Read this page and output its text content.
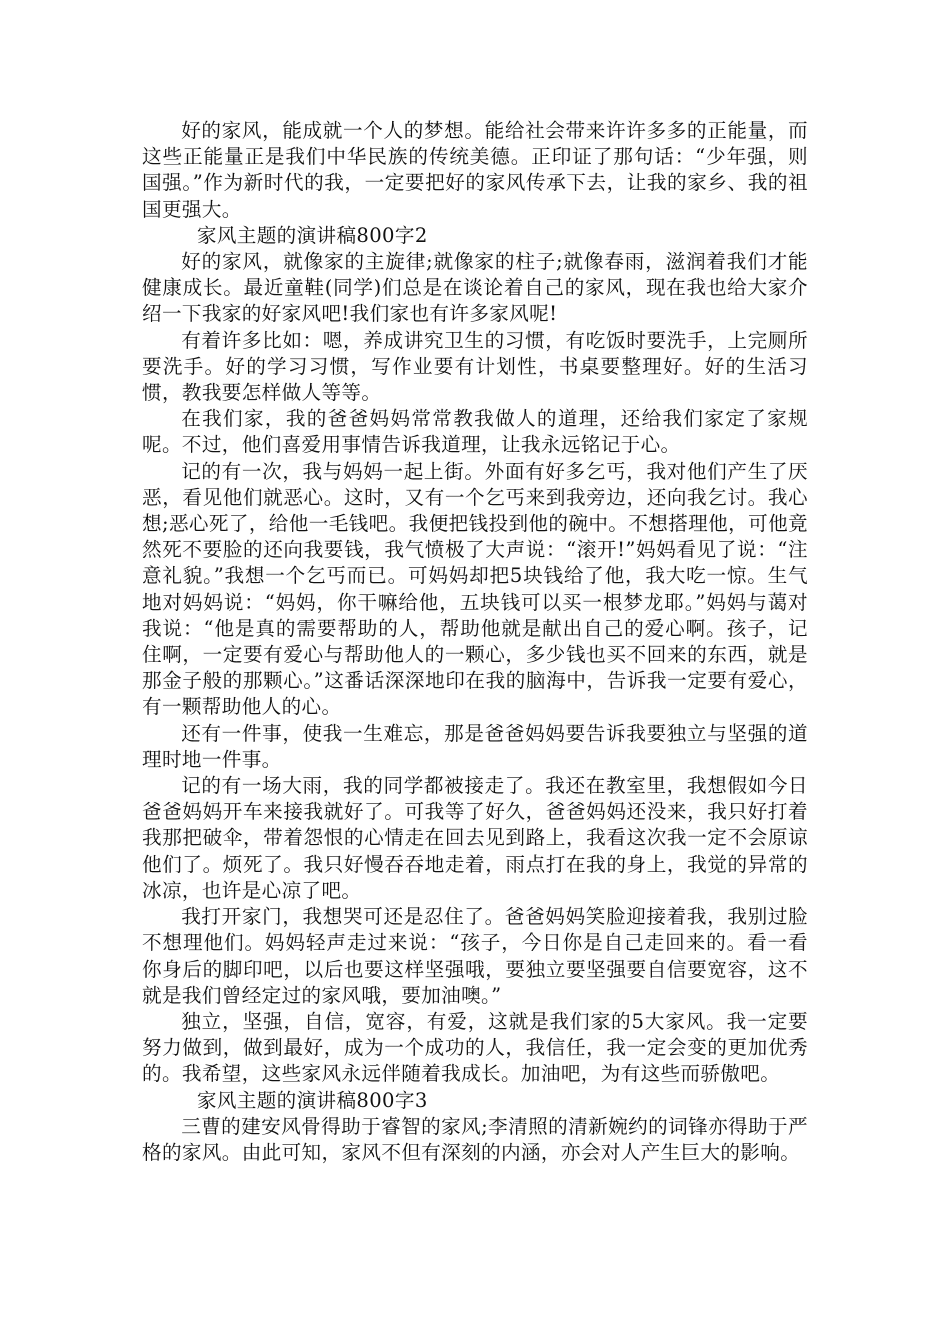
好的家风，能成就一个人的梦想。能给社会带来许许多多的正能量，而这些正能量正是我们中华民族的传统美德。正印证了那句话：“少年强，则国强。”作为新时代的我，一定要把好的家风传承下去，让我的家乡、我的祖国更强大。

家风主题的演讲稿800字2

好的家风，就像家的主旋律;就像家的柱子;就像春雨，滋润着我们才能健康成长。最近童鞋(同学)们总是在谈论着自己的家风，现在我也给大家介绍一下我家的好家风吧!我们家也有许多家风呢!

有着许多比如：嗯，养成讲究卫生的习惯，有吃饭时要洗手，上完厕所要洗手。好的学习习惯，写作业要有计划性，书桌要整理好。好的生活习惯，教我要怎样做人等等。

在我们家，我的爸爸妈妈常常教我做人的道理，还给我们家定了家规呢。不过，他们喜爱用事情告诉我道理，让我永远铭记于心。

记的有一次，我与妈妈一起上街。外面有好多乞丐，我对他们产生了厌恶，看见他们就恶心。这时，又有一个乞丐来到我旁边，还向我乞讨。我心想;恶心死了，给他一毛钱吧。我便把钱投到他的碗中。不想搭理他，可他竟然死不要脸的还向我要钱，我气愤极了大声说：“滚开!”妈妈看见了说：“注意礼貌。”我想一个乞丐而已。可妈妈却把5块钱给了他，我大吃一惊。生气地对妈妈说：“妈妈，你干嘛给他，五块钱可以买一根梦龙耶。”妈妈与蔼对我说：“他是真的需要帮助的人，帮助他就是献出自己的爱心啊。孩子，记住啊，一定要有爱心与帮助他人的一颗心，多少钱也买不回来的东西，就是那金子般的那颗心。”这番话深深地印在我的脑海中，告诉我一定要有爱心，有一颗帮助他人的心。

还有一件事，使我一生难忘，那是爸爸妈妈要告诉我要独立与坚强的道理时地一件事。

记的有一场大雨，我的同学都被接走了。我还在教室里，我想假如今日爸爸妈妈开车来接我就好了。可我等了好久，爸爸妈妈还没来，我只好打着我那把破伞，带着怨恨的心情走在回去见到路上，我看这次我一定不会原谅他们了。烦死了。我只好慢吞吞地走着，雨点打在我的身上，我觉的异常的冰凉，也许是心凉了吧。

我打开家门，我想哭可还是忍住了。爸爸妈妈笑脸迎接着我，我别过脸不想理他们。妈妈轻声走过来说：“孩子，今日你是自己走回来的。看一看你身后的脚印吧，以后也要这样坚强哦，要独立要坚强要自信要宽容，这不就是我们曾经定过的家风哦，要加油噢。”

独立，坚强，自信，宽容，有爱，这就是我们家的5大家风。我一定要努力做到，做到最好，成为一个成功的人，我信任，我一定会变的更加优秀的。我希望，这些家风永远伴随着我成长。加油吧，为有这些而骄傲吧。

家风主题的演讲稿800字3

三曹的建安风骨得助于睿智的家风;李清照的清新婉约的词锋亦得助于严格的家风。由此可知，家风不但有深刻的内涵，亦会对人产生巨大的影响。
